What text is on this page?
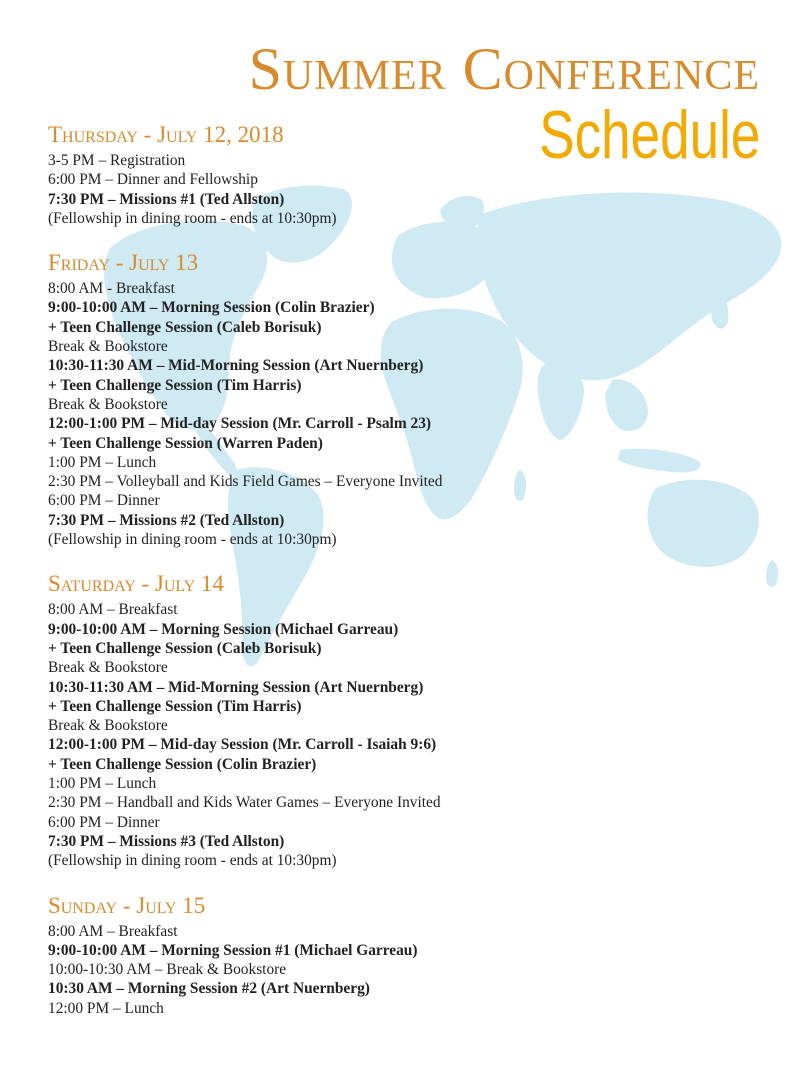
Summer Conference
Schedule
Thursday - July 12, 2018
3-5 PM – Registration
6:00 PM – Dinner and Fellowship
7:30 PM – Missions #1 (Ted Allston)
(Fellowship in dining room - ends at 10:30pm)
Friday - July 13
8:00 AM - Breakfast
9:00-10:00 AM – Morning Session (Colin Brazier)
+ Teen Challenge Session (Caleb Borisuk)
Break & Bookstore
10:30-11:30 AM – Mid-Morning Session (Art Nuernberg)
+ Teen Challenge Session (Tim Harris)
Break & Bookstore
12:00-1:00 PM – Mid-day Session (Mr. Carroll - Psalm 23)
+ Teen Challenge Session (Warren Paden)
1:00 PM – Lunch
2:30 PM – Volleyball and Kids Field Games – Everyone Invited
6:00 PM – Dinner
7:30 PM – Missions #2 (Ted Allston)
(Fellowship in dining room - ends at 10:30pm)
Saturday - July 14
8:00 AM – Breakfast
9:00-10:00 AM – Morning Session (Michael Garreau)
+ Teen Challenge Session (Caleb Borisuk)
Break & Bookstore
10:30-11:30 AM – Mid-Morning Session (Art Nuernberg)
+ Teen Challenge Session (Tim Harris)
Break & Bookstore
12:00-1:00 PM – Mid-day Session (Mr. Carroll - Isaiah 9:6)
+ Teen Challenge Session (Colin Brazier)
1:00 PM – Lunch
2:30 PM – Handball and Kids Water Games – Everyone Invited
6:00 PM – Dinner
7:30 PM – Missions #3 (Ted Allston)
(Fellowship in dining room - ends at 10:30pm)
Sunday - July 15
8:00 AM – Breakfast
9:00-10:00 AM – Morning Session #1 (Michael Garreau)
10:00-10:30 AM – Break & Bookstore
10:30 AM – Morning Session #2 (Art Nuernberg)
12:00 PM – Lunch
